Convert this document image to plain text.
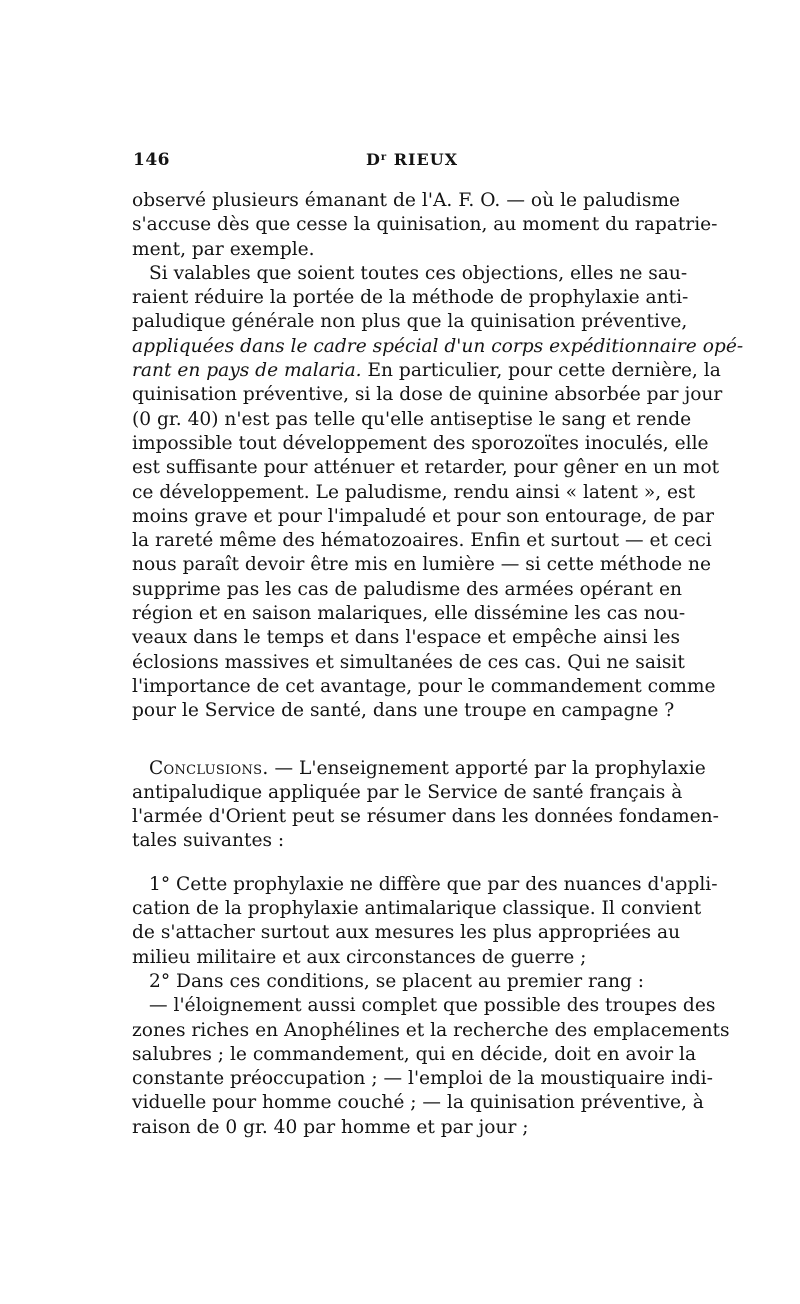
146	$D^r$ RIEUX
observé plusieurs émanant de l'A. F. O. — où le paludisme
s'accuse dès que cesse la quinisation, au moment du rapatrie-
ment, par exemple.
Si valables que soient toutes ces objections, elles ne sau-
raient réduire la portée de la méthode de prophylaxie anti-
paludique générale non plus que la quinisation préventive,
appliquées dans le cadre spécial d'un corps expéditionnaire opé-
rant en pays de malaria. En particulier, pour cette dernière, la
quinisation préventive, si la dose de quinine absorbée par jour
(0 gr. 40) n'est pas telle qu'elle antiseptise le sang et rende
impossible tout développement des sporozoïtes inoculés, elle
est suffisante pour atténuer et retarder, pour gêner en un mot
ce développement. Le paludisme, rendu ainsi « latent », est
moins grave et pour l'impaludé et pour son entourage, de par
la rareté même des hématozoaires. Enfin et surtout — et ceci
nous paraît devoir être mis en lumière — si cette méthode ne
supprime pas les cas de paludisme des armées opérant en
région et en saison malariques, elle dissémine les cas nou-
veaux dans le temps et dans l'espace et empêche ainsi les
éclosions massives et simultanées de ces cas. Qui ne saisit
l'importance de cet avantage, pour le commandement comme
pour le Service de santé, dans une troupe en campagne ?
Conclusions. — L'enseignement apporté par la prophylaxie
antipaludique appliquée par le Service de santé français à
l'armée d'Orient peut se résumer dans les données fondamen-
tales suivantes :
1° Cette prophylaxie ne diffère que par des nuances d'appli-
cation de la prophylaxie antimalarique classique. Il convient
de s'attacher surtout aux mesures les plus appropriées au
milieu militaire et aux circonstances de guerre ;
2° Dans ces conditions, se placent au premier rang :
— l'éloignement aussi complet que possible des troupes des
zones riches en Anophélines et la recherche des emplacements
salubres ; le commandement, qui en décide, doit en avoir la
constante préoccupation ; — l'emploi de la moustiquaire indi-
viduelle pour homme couché ; — la quinisation préventive, à
raison de 0 gr. 40 par homme et par jour ;
